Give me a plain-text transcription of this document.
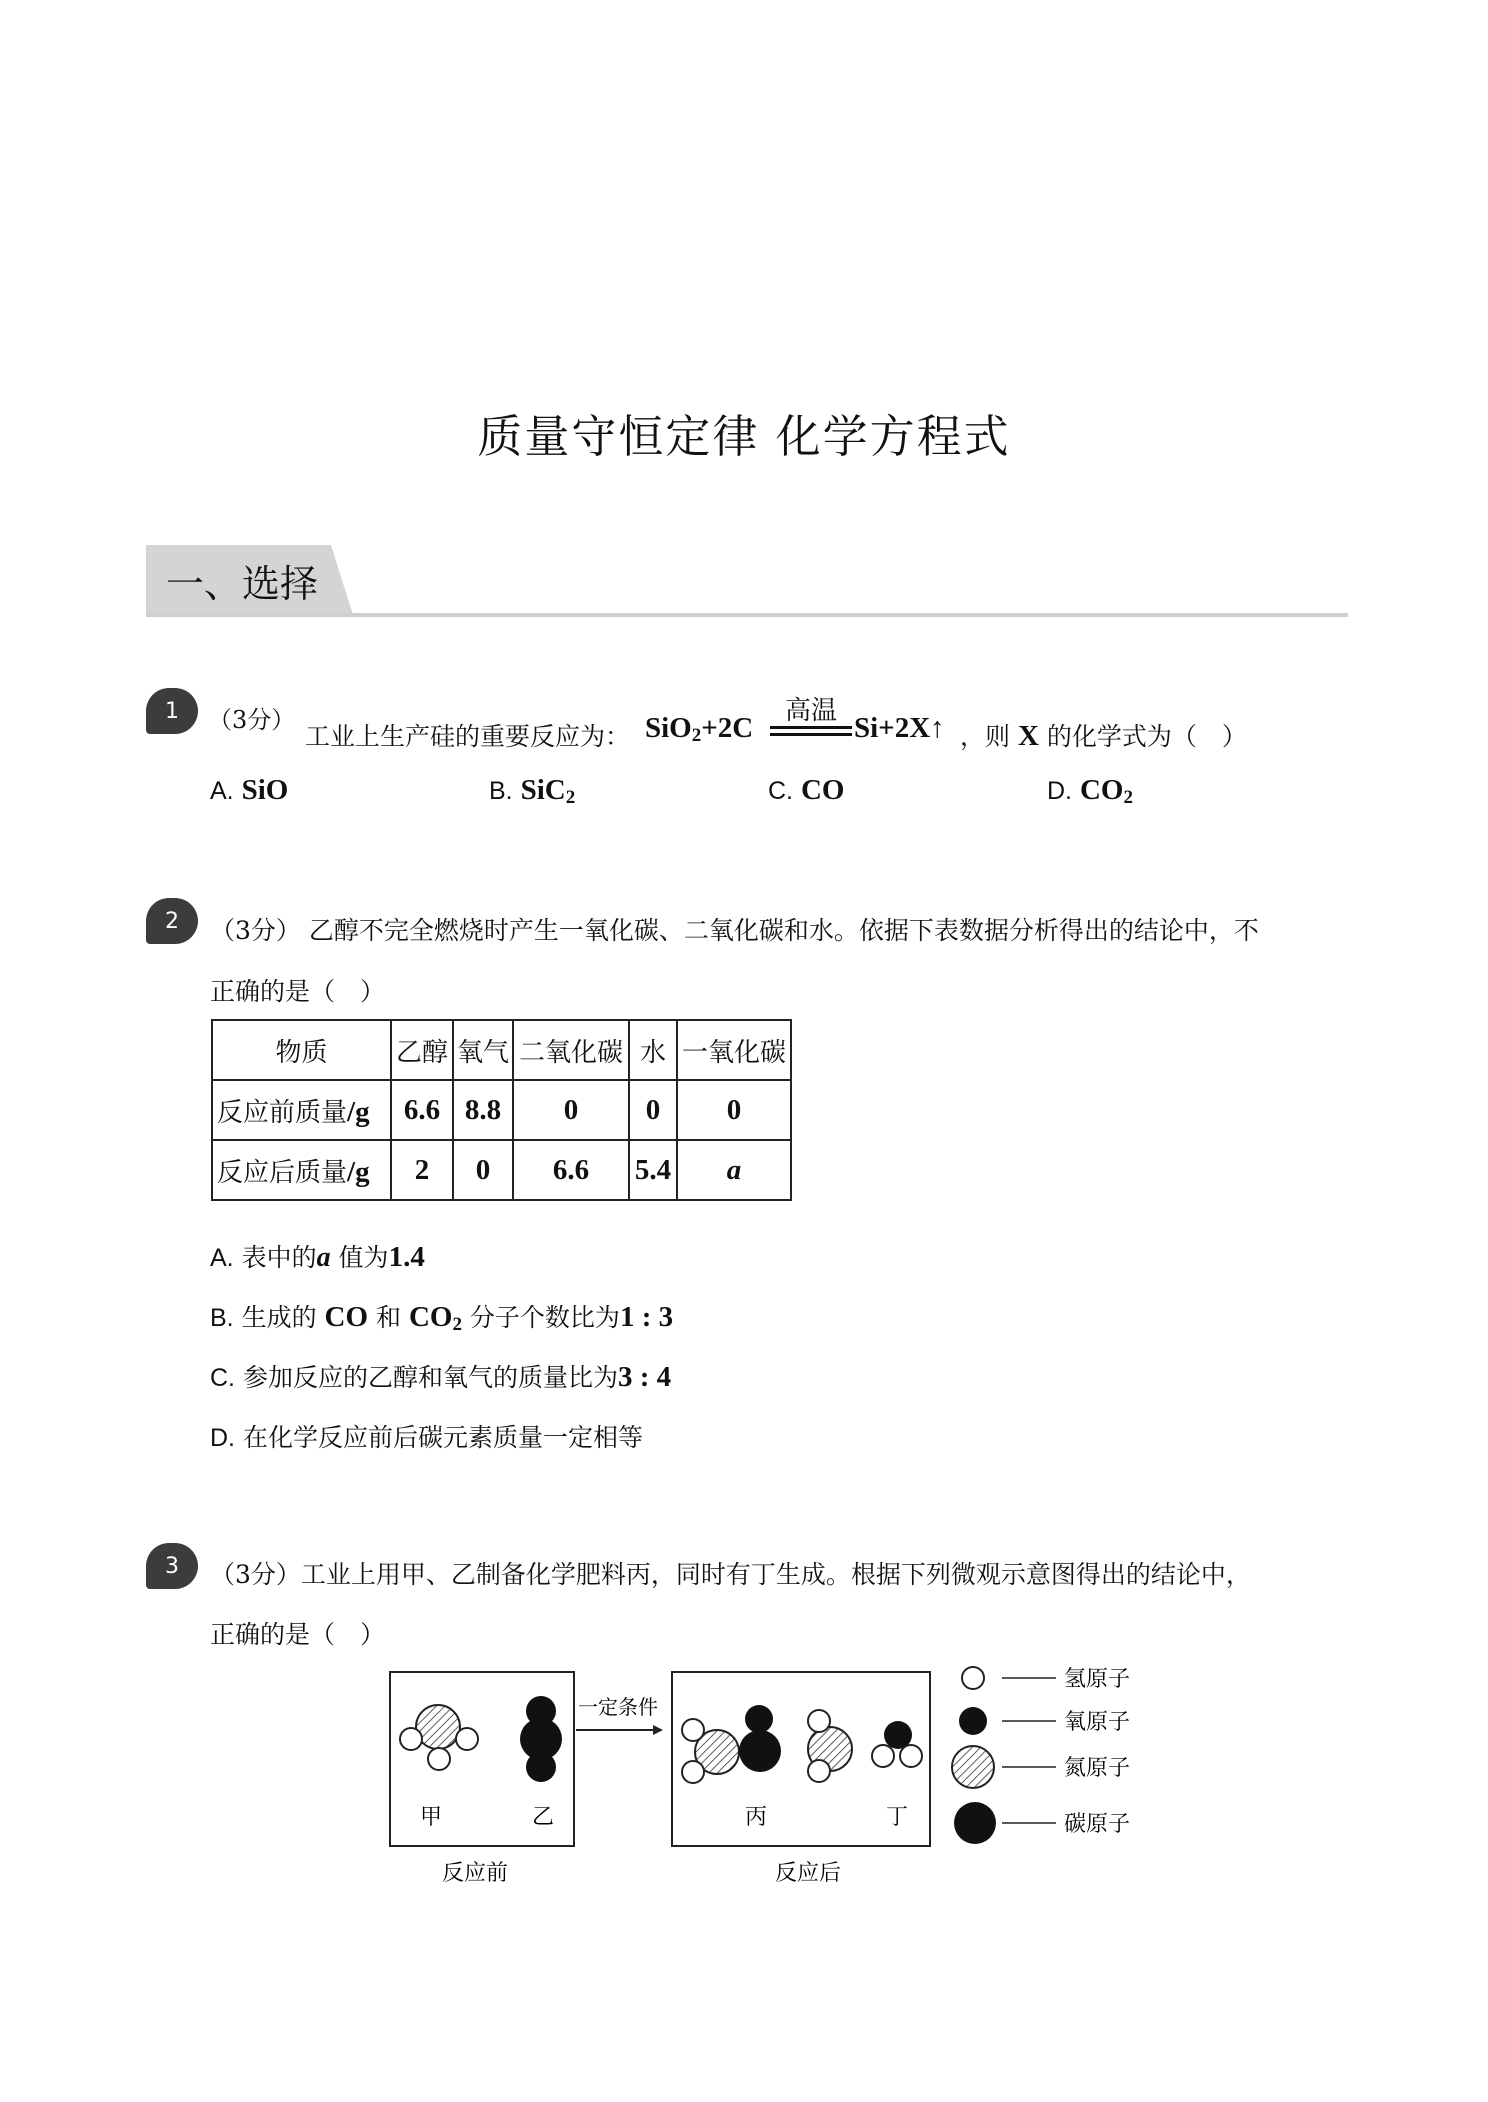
质量守恒定律 化学方程式
一、选择
1	（3分）
工业上生产硅的重要反应为： SiO$_2$+2C
高温
Si+2X↑ ，则 X 的化学式为（　）
A. SiO	B. SiC$_2$	C. CO	D. $CO_2$
2	（3分） 乙醇不完全燃烧时产生一氧化碳、二氧化碳和水。依据下表数据分析得出的结论中，不
正确的是（　）
物质	乙醇	氧气	二氧化碳	水	一氧化碳
反应前质量/g	6.6	8.8	0	0	0
反应后质量/g	2	0	6.6	5.4	a
A. 表中的a 值为1.4
B. 生成的 CO 和 $CO_2$ 分子个数比为1 : 3
C. 参加反应的乙醇和氧气的质量比为3 : 4
D. 在化学反应前后碳元素质量一定相等
3	（3分）工业上用甲、乙制备化学肥料丙，同时有丁生成。根据下列微观示意图得出的结论中，
正确的是（　）
甲	乙
一定条件
丙	丁
反应前	反应后
氢原子
氧原子
氮原子
碳原子
